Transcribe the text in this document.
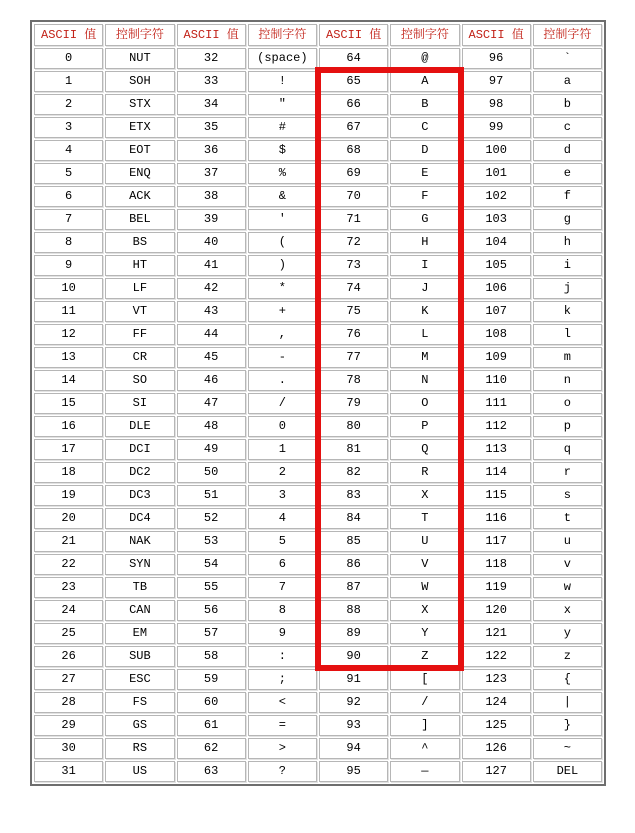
ASCII 值	控制字符	ASCII 值	控制字符	ASCII 值	控制字符	ASCII 值	控制字符
0	NUT	32	(space)	64	@	96	`
1	SOH	33	!	65	A	97	a
2	STX	34	"	66	B	98	b
3	ETX	35	#	67	C	99	c
4	EOT	36	$	68	D	100	d
5	ENQ	37	%	69	E	101	e
6	ACK	38	&	70	F	102	f
7	BEL	39	'	71	G	103	g
8	BS	40	(	72	H	104	h
9	HT	41	)	73	I	105	i
10	LF	42	*	74	J	106	j
11	VT	43	+	75	K	107	k
12	FF	44	,	76	L	108	l
13	CR	45	-	77	M	109	m
14	SO	46	.	78	N	110	n
15	SI	47	/	79	O	111	o
16	DLE	48	0	80	P	112	p
17	DCI	49	1	81	Q	113	q
18	DC2	50	2	82	R	114	r
19	DC3	51	3	83	X	115	s
20	DC4	52	4	84	T	116	t
21	NAK	53	5	85	U	117	u
22	SYN	54	6	86	V	118	v
23	TB	55	7	87	W	119	w
24	CAN	56	8	88	X	120	x
25	EM	57	9	89	Y	121	y
26	SUB	58	:	90	Z	122	z
27	ESC	59	;	91	[	123	{
28	FS	60	<	92	/	124	|
29	GS	61	=	93	]	125	}
30	RS	62	>	94	^	126	~
31	US	63	?	95	—	127	DEL
